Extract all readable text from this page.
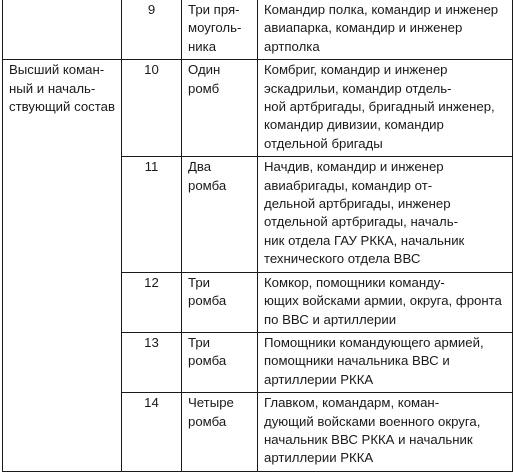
	9	Три пря-
моуголь-
ника	Командир полка, командир и инженер авиапарка, командир и инженер артполка

Высший коман-
ный и началь-
ствующий состав	10	Один ромб	Комбриг, командир и инженер эскадрильи, командир отдель-
ной артбригады, бригадный инженер, командир дивизии, командир отдельной бригады

	11	Два ромба	Начдив, командир и инженер авиабригады, командир от-
дельной артбригады, инженер отдельной артбригады, началь-
ник отдела ГАУ РККА, начальник технического отдела ВВС

	12	Три ромба	Комкор, помощники команду-
ющих войсками армии, округа, фронта по ВВС и артиллерии

	13	Три ромба	Помощники командующего армией, помощники начальника ВВС и артиллерии РККА

	14	Четыре ромба	Главком, командарм, коман-
дующий войсками военного округа, начальник ВВС РККА и начальник артиллерии РККА
